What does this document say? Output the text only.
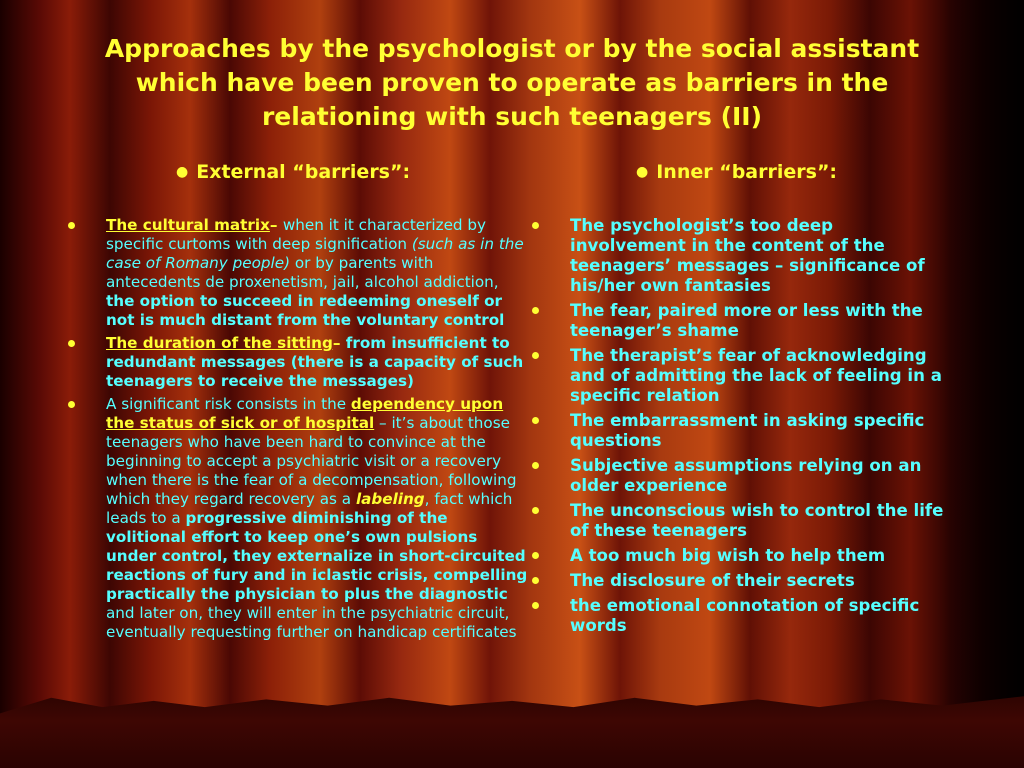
Approaches by the psychologist or by the social assistant which have been proven to operate as barriers in the relationing with such teenagers (II)
● External “barriers”:	● Inner “barriers”:
The cultural matrix– when it it characterized by specific curtoms with deep signification (such as in the case of Romany people) or by parents with antecedents de proxenetism, jail, alcohol addiction, the option to succeed in redeeming oneself or not is much distant from the voluntary control
The duration of the sitting– from insufficient to redundant messages (there is a capacity of such teenagers to receive the messages)
A significant risk consists in the dependency upon the status of sick or of hospital – it’s about those teenagers who have been hard to convince at the beginning to accept a psychiatric visit or a recovery when there is the fear of a decompensation, following which they regard recovery as a labeling, fact which leads to a progressive diminishing of the volitional effort to keep one’s own pulsions under control, they externalize in short-circuited reactions of fury and in iclastic crisis, compelling practically the physician to plus the diagnostic and later on, they will enter in the psychiatric circuit, eventually requesting further on handicap certificates
The psychologist’s too deep involvement in the content of the teenagers’ messages – significance of his/her own fantasies
The fear, paired more or less with the teenager’s shame
The therapist’s fear of acknowledging and of admitting the lack of feeling in a specific relation
The embarrassment in asking specific questions
Subjective assumptions relying on an older experience
The unconscious wish to control the life of these teenagers
A too much big wish to help them
The disclosure of their secrets
the emotional connotation of specific words
